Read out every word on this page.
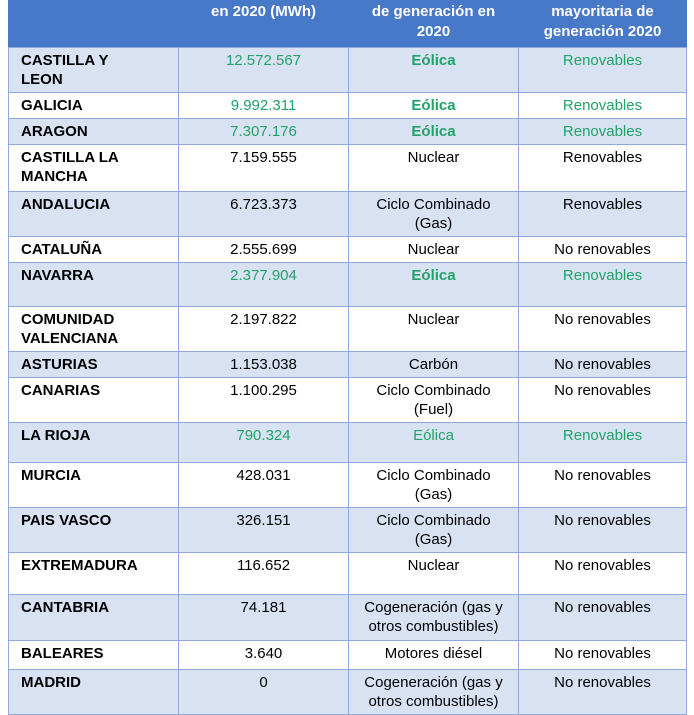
	en 2020 (MWh)	de generación en 2020	mayoritaria de generación 2020
CASTILLA Y LEON	12.572.567	Eólica	Renovables
GALICIA	9.992.311	Eólica	Renovables
ARAGON	7.307.176	Eólica	Renovables
CASTILLA LA MANCHA	7.159.555	Nuclear	Renovables
ANDALUCIA	6.723.373	Ciclo Combinado (Gas)	Renovables
CATALUÑA	2.555.699	Nuclear	No renovables
NAVARRA	2.377.904	Eólica	Renovables
COMUNIDAD VALENCIANA	2.197.822	Nuclear	No renovables
ASTURIAS	1.153.038	Carbón	No renovables
CANARIAS	1.100.295	Ciclo Combinado (Fuel)	No renovables
LA RIOJA	790.324	Eólica	Renovables
MURCIA	428.031	Ciclo Combinado (Gas)	No renovables
PAIS VASCO	326.151	Ciclo Combinado (Gas)	No renovables
EXTREMADURA	116.652	Nuclear	No renovables
CANTABRIA	74.181	Cogeneración (gas y otros combustibles)	No renovables
BALEARES	3.640	Motores diésel	No renovables
MADRID	0	Cogeneración (gas y otros combustibles)	No renovables
